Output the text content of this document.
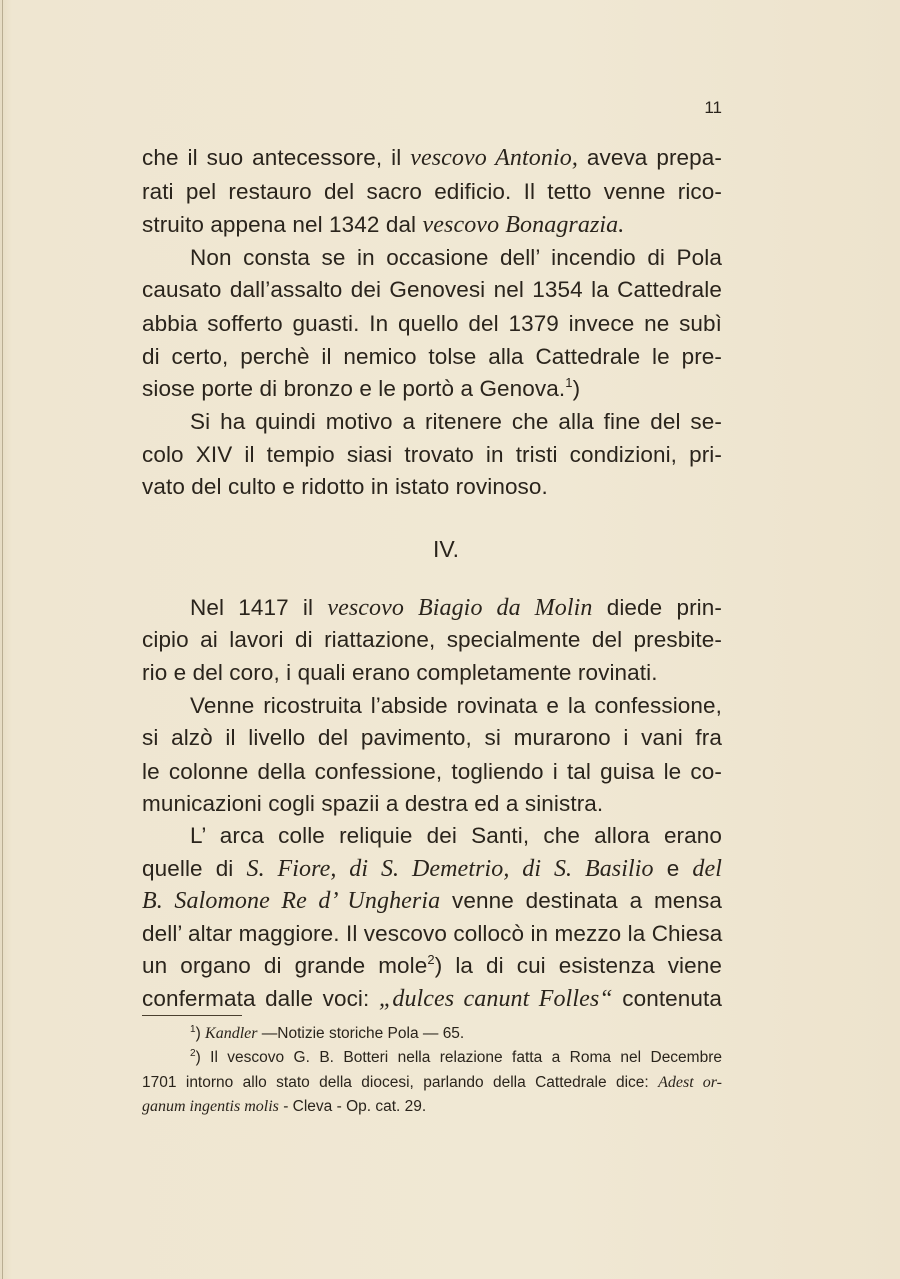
11
che il suo antecessore, il vescovo Antonio, aveva prepa-
rati pel restauro del sacro edificio. Il tetto venne rico-
struito appena nel 1342 dal vescovo Bonagrazia.
Non consta se in occasione dell’ incendio di Pola
causato dall’assalto dei Genovesi nel 1354 la Cattedrale
abbia sofferto guasti. In quello del 1379 invece ne subì
di certo, perchè il nemico tolse alla Cattedrale le pre-
siose porte di bronzo e le portò a Genova.$^1$)
Si ha quindi motivo a ritenere che alla fine del se-
colo XIV il tempio siasi trovato in tristi condizioni, pri-
vato del culto e ridotto in istato rovinoso.
Nel 1417 il vescovo Biagio da Molin diede prin-
cipio ai lavori di riattazione, specialmente del presbite-
rio e del coro, i quali erano completamente rovinati.
Venne ricostruita l’abside rovinata e la confessione,
si alzò il livello del pavimento, si murarono i vani fra
le colonne della confessione, togliendo i tal guisa le co-
municazioni cogli spazii a destra ed a sinistra.
L’ arca colle reliquie dei Santi, che allora erano
quelle di S. Fiore, di S. Demetrio, di S. Basilio e del
B. Salomone Re d’ Ungheria venne destinata a mensa
dell’ altar maggiore. Il vescovo collocò in mezzo la Chiesa
un organo di grande mole$^2$) la di cui esistenza viene
confermata dalle voci: „dulces canunt Folles“ contenuta
IV.
$^1$) Kandler —Notizie storiche Pola — 65.
$^2$) Il vescovo G. B. Botteri nella relazione fatta a Roma nel Decembre
1701 intorno allo stato della diocesi, parlando della Cattedrale dice: Adest or-
ganum ingentis molis - Cleva - Op. cat. 29.
